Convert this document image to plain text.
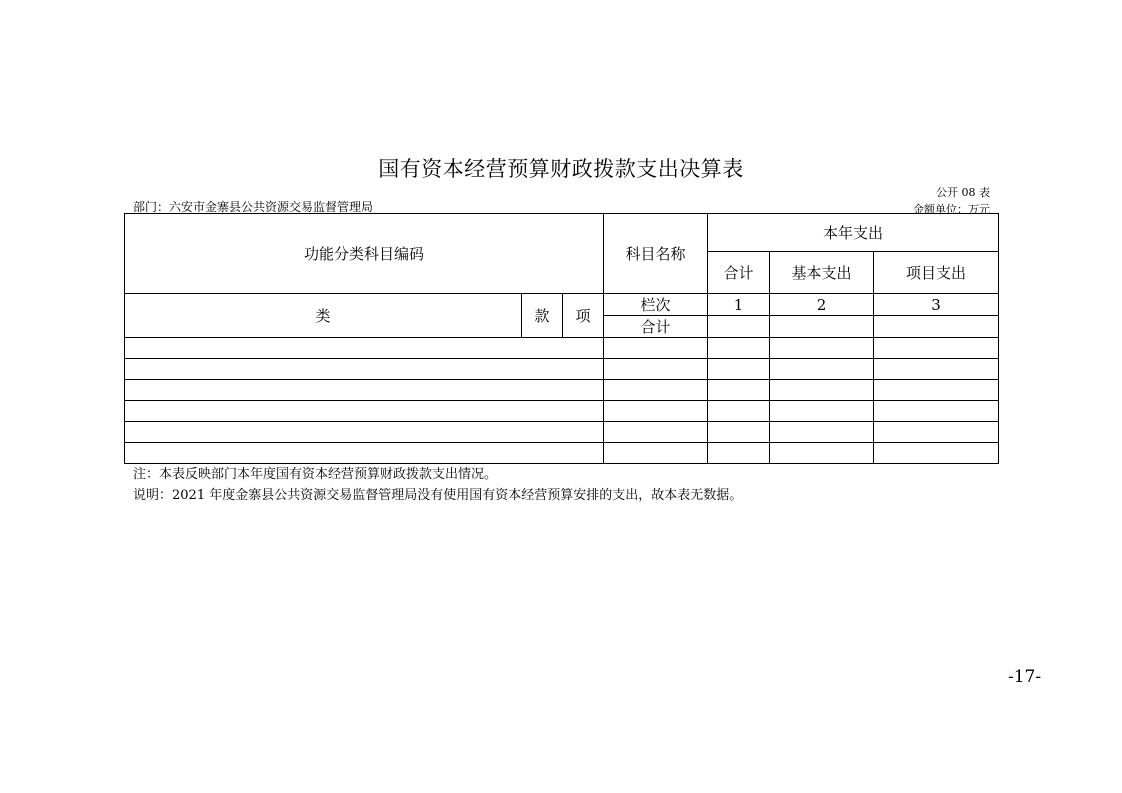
国有资本经营预算财政拨款支出决算表
公开 08 表
部门：六安市金寨县公共资源交易监督管理局	金额单位：万元
功能分类科目编码			科目名称	本年支出		
				合计	基本支出	项目支出
类	款	项	栏次	1	2	3
			合计			

注：本表反映部门本年度国有资本经营预算财政拨款支出情况。
说明：2021 年度金寨县公共资源交易监督管理局没有使用国有资本经营预算安排的支出，故本表无数据。
-17-
